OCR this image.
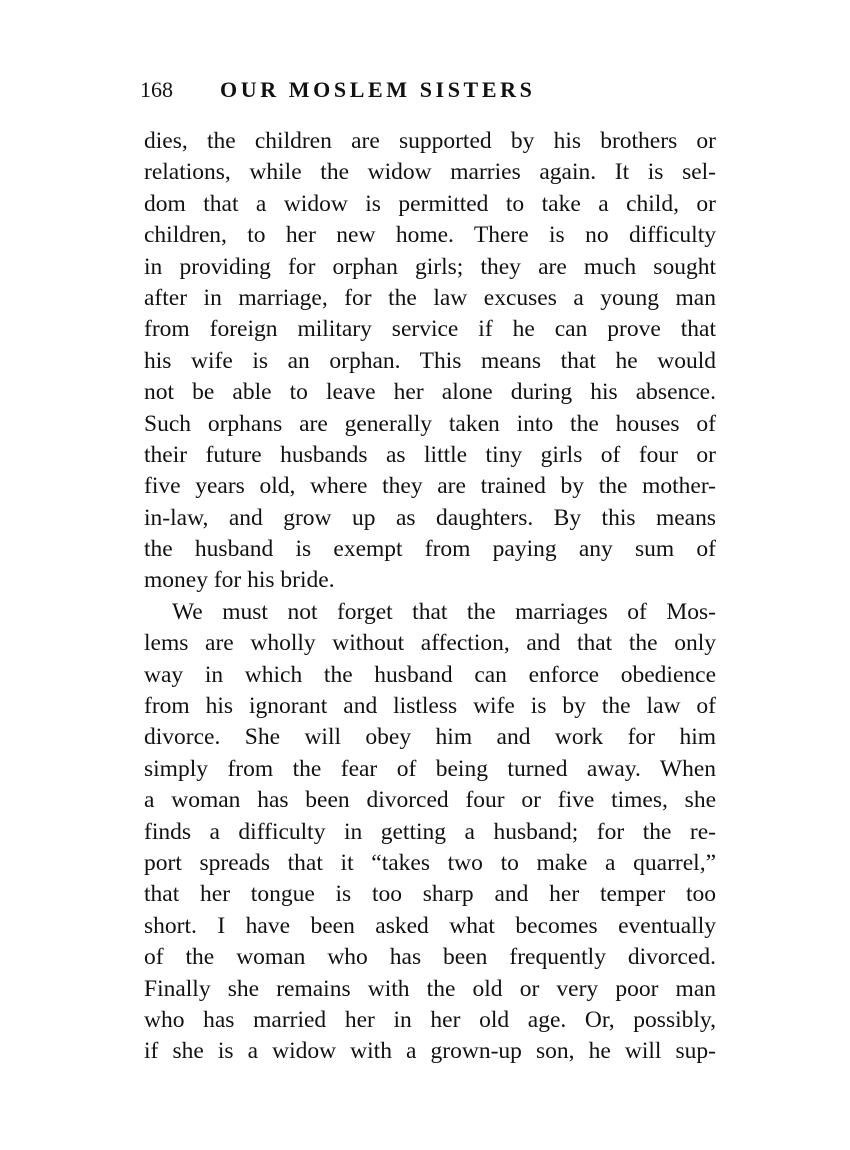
168 OUR MOSLEM SISTERS
dies, the children are supported by his brothers or
relations, while the widow marries again. It is sel-
dom that a widow is permitted to take a child, or
children, to her new home. There is no difficulty
in providing for orphan girls; they are much sought
after in marriage, for the law excuses a young man
from foreign military service if he can prove that
his wife is an orphan. This means that he would
not be able to leave her alone during his absence.
Such orphans are generally taken into the houses of
their future husbands as little tiny girls of four or
five years old, where they are trained by the mother-
in-law, and grow up as daughters. By this means
the husband is exempt from paying any sum of
money for his bride.
We must not forget that the marriages of Mos-
lems are wholly without affection, and that the only
way in which the husband can enforce obedience
from his ignorant and listless wife is by the law of
divorce. She will obey him and work for him
simply from the fear of being turned away. When
a woman has been divorced four or five times, she
finds a difficulty in getting a husband; for the re-
port spreads that it “takes two to make a quarrel,”
that her tongue is too sharp and her temper too
short. I have been asked what becomes eventually
of the woman who has been frequently divorced.
Finally she remains with the old or very poor man
who has married her in her old age. Or, possibly,
if she is a widow with a grown-up son, he will sup-
